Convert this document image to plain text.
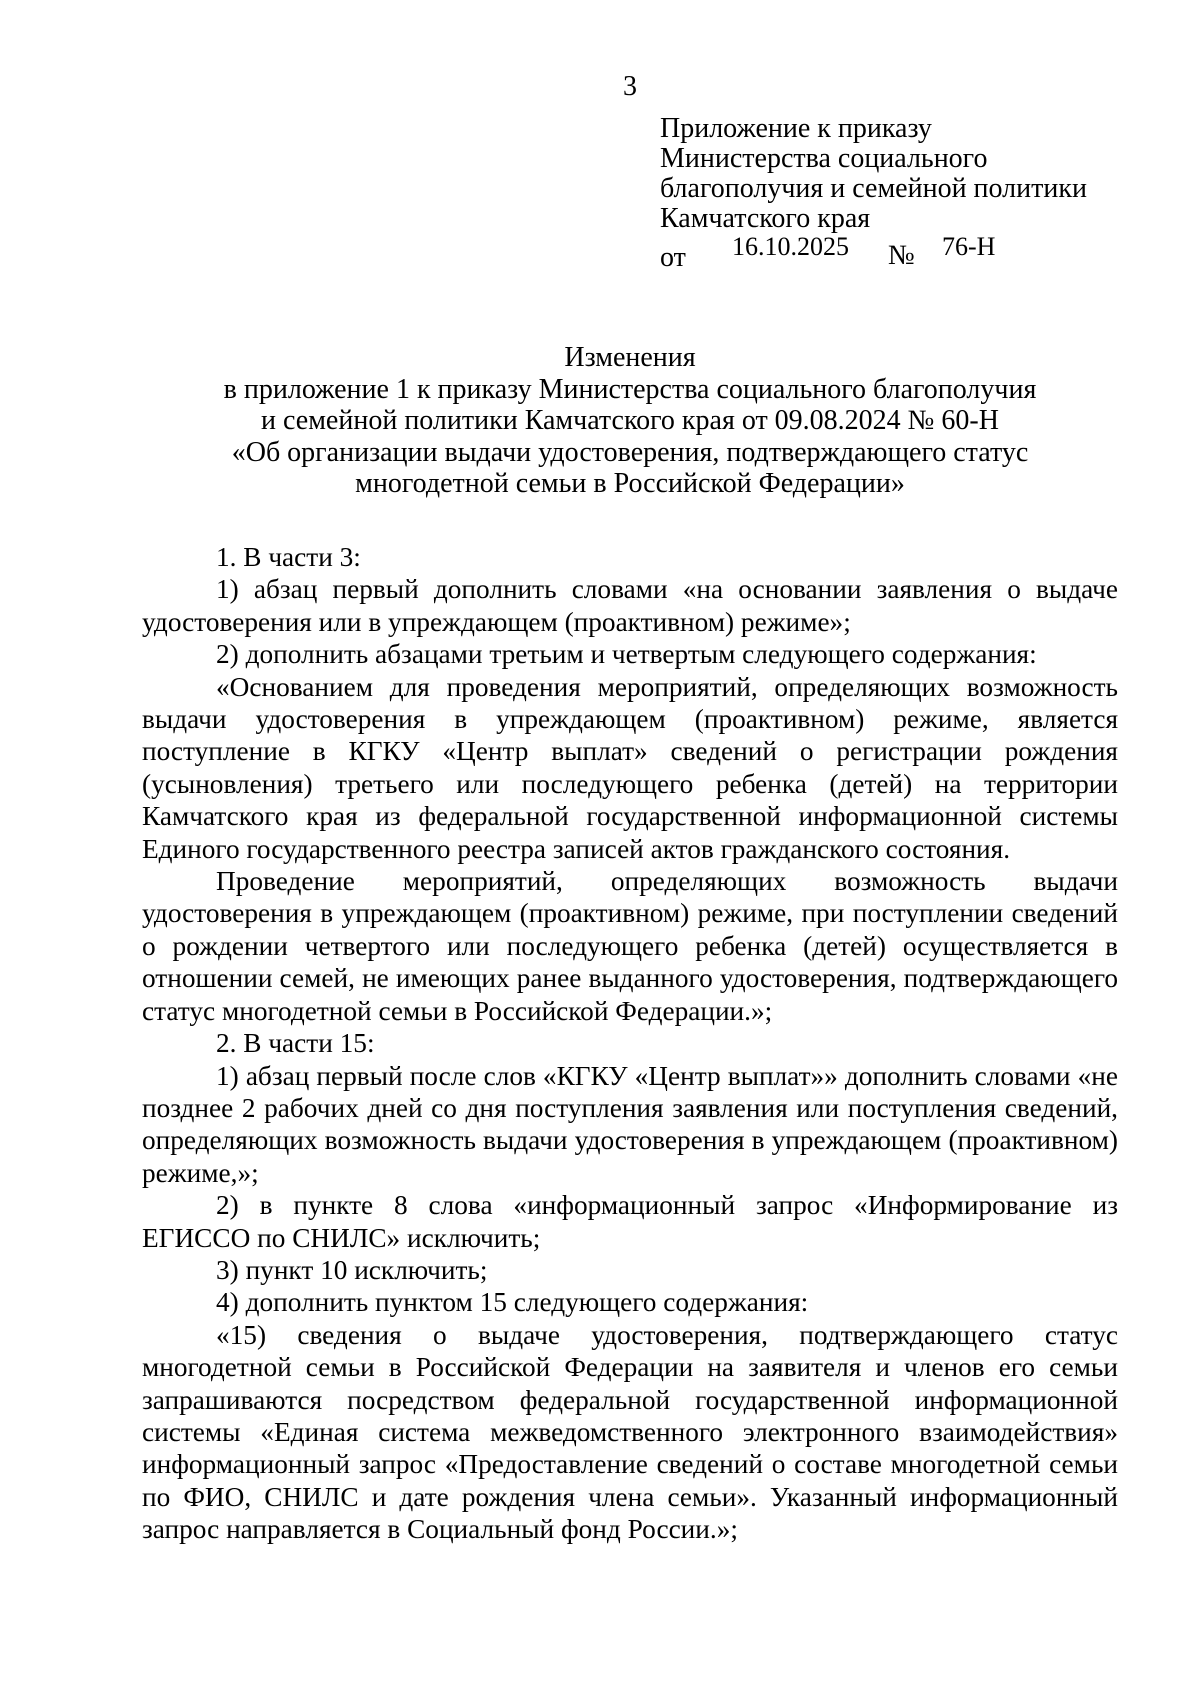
3
Приложение к приказу
Министерства социального
благополучия и семейной политики
Камчатского края
от 16.10.2025 № 76-Н
Изменения
в приложение 1 к приказу Министерства социального благополучия
и семейной политики Камчатского края от 09.08.2024 № 60-Н
«Об организации выдачи удостоверения, подтверждающего статус
многодетной семьи в Российской Федерации»

1. В части 3:

1) абзац первый дополнить словами «на основании заявления о выдаче удостоверения или в упреждающем (проактивном) режиме»;

2) дополнить абзацами третьим и четвертым следующего содержания:

«Основанием для проведения мероприятий, определяющих возможность выдачи удостоверения в упреждающем (проактивном) режиме, является поступление в КГКУ «Центр выплат» сведений о регистрации рождения (усыновления) третьего или последующего ребенка (детей) на территории Камчатского края из федеральной государственной информационной системы Единого государственного реестра записей актов гражданского состояния.

Проведение мероприятий, определяющих возможность выдачи удостоверения в упреждающем (проактивном) режиме, при поступлении сведений о рождении четвертого или последующего ребенка (детей) осуществляется в отношении семей, не имеющих ранее выданного удостоверения, подтверждающего статус многодетной семьи в Российской Федерации.»;

2. В части 15:

1) абзац первый после слов «КГКУ «Центр выплат»» дополнить словами «не позднее 2 рабочих дней со дня поступления заявления или поступления сведений, определяющих возможность выдачи удостоверения в упреждающем (проактивном) режиме,»;

2) в пункте 8 слова «информационный запрос «Информирование из ЕГИССО по СНИЛС» исключить;

3) пункт 10 исключить;

4) дополнить пунктом 15 следующего содержания:

«15) сведения о выдаче удостоверения, подтверждающего статус многодетной семьи в Российской Федерации на заявителя и членов его семьи запрашиваются посредством федеральной государственной информационной системы «Единая система межведомственного электронного взаимодействия» информационный запрос «Предоставление сведений о составе многодетной семьи по ФИО, СНИЛС и дате рождения члена семьи». Указанный информационный запрос направляется в Социальный фонд России.»;
